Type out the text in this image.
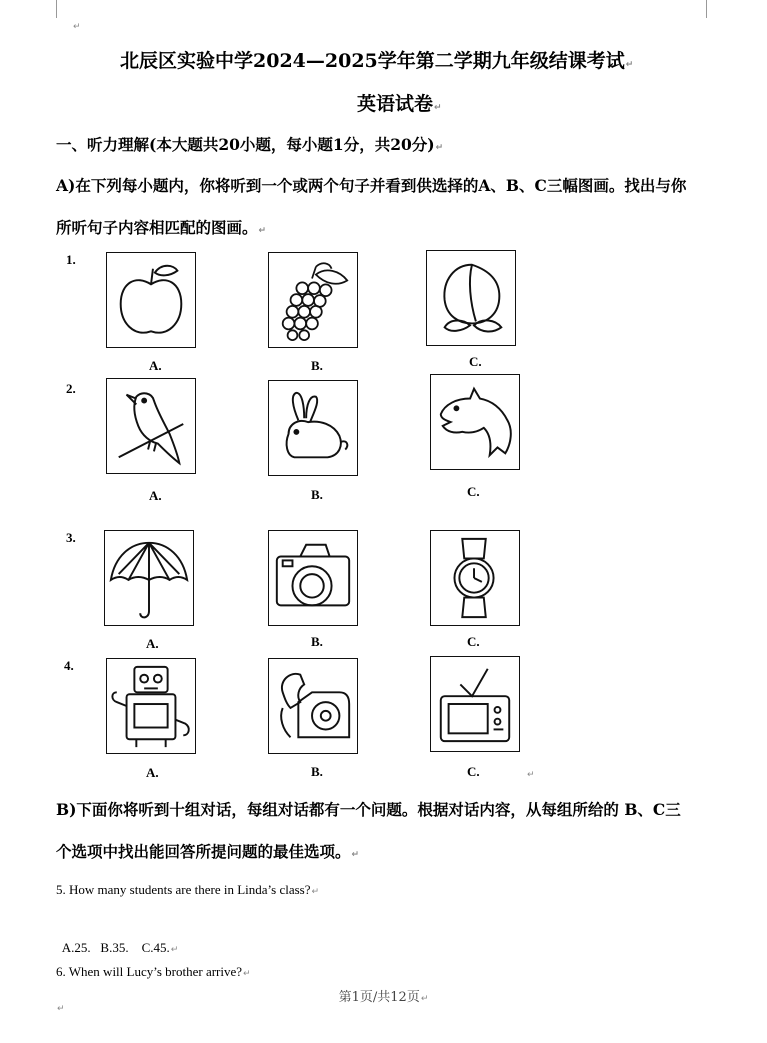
↵
北辰区实验中学2024—2025学年第二学期九年级结课考试↵
英语试卷↵
一、听力理解(本大题共20小题，每小题1分，共20分)↵
A)在下列每小题内，你将听到一个或两个句子并看到供选择的A、B、C三幅图画。找出与你
所听句子内容相匹配的图画。↵
1.
A.	B.	C.
2.
A.	B.	C.
3.
A.	B.	C.
4.
A.	B.	C.	↵
B)下面你将听到十组对话，每组对话都有一个问题。根据对话内容，从每组所给的 B、C三
个选项中找出能回答所提问题的最佳选项。↵
5. How many students are there in Linda’s class?↵

A.25.   B.35.    C.45.↵

6. When will Lucy’s brother arrive?↵
第1页/共12页↵
↵
